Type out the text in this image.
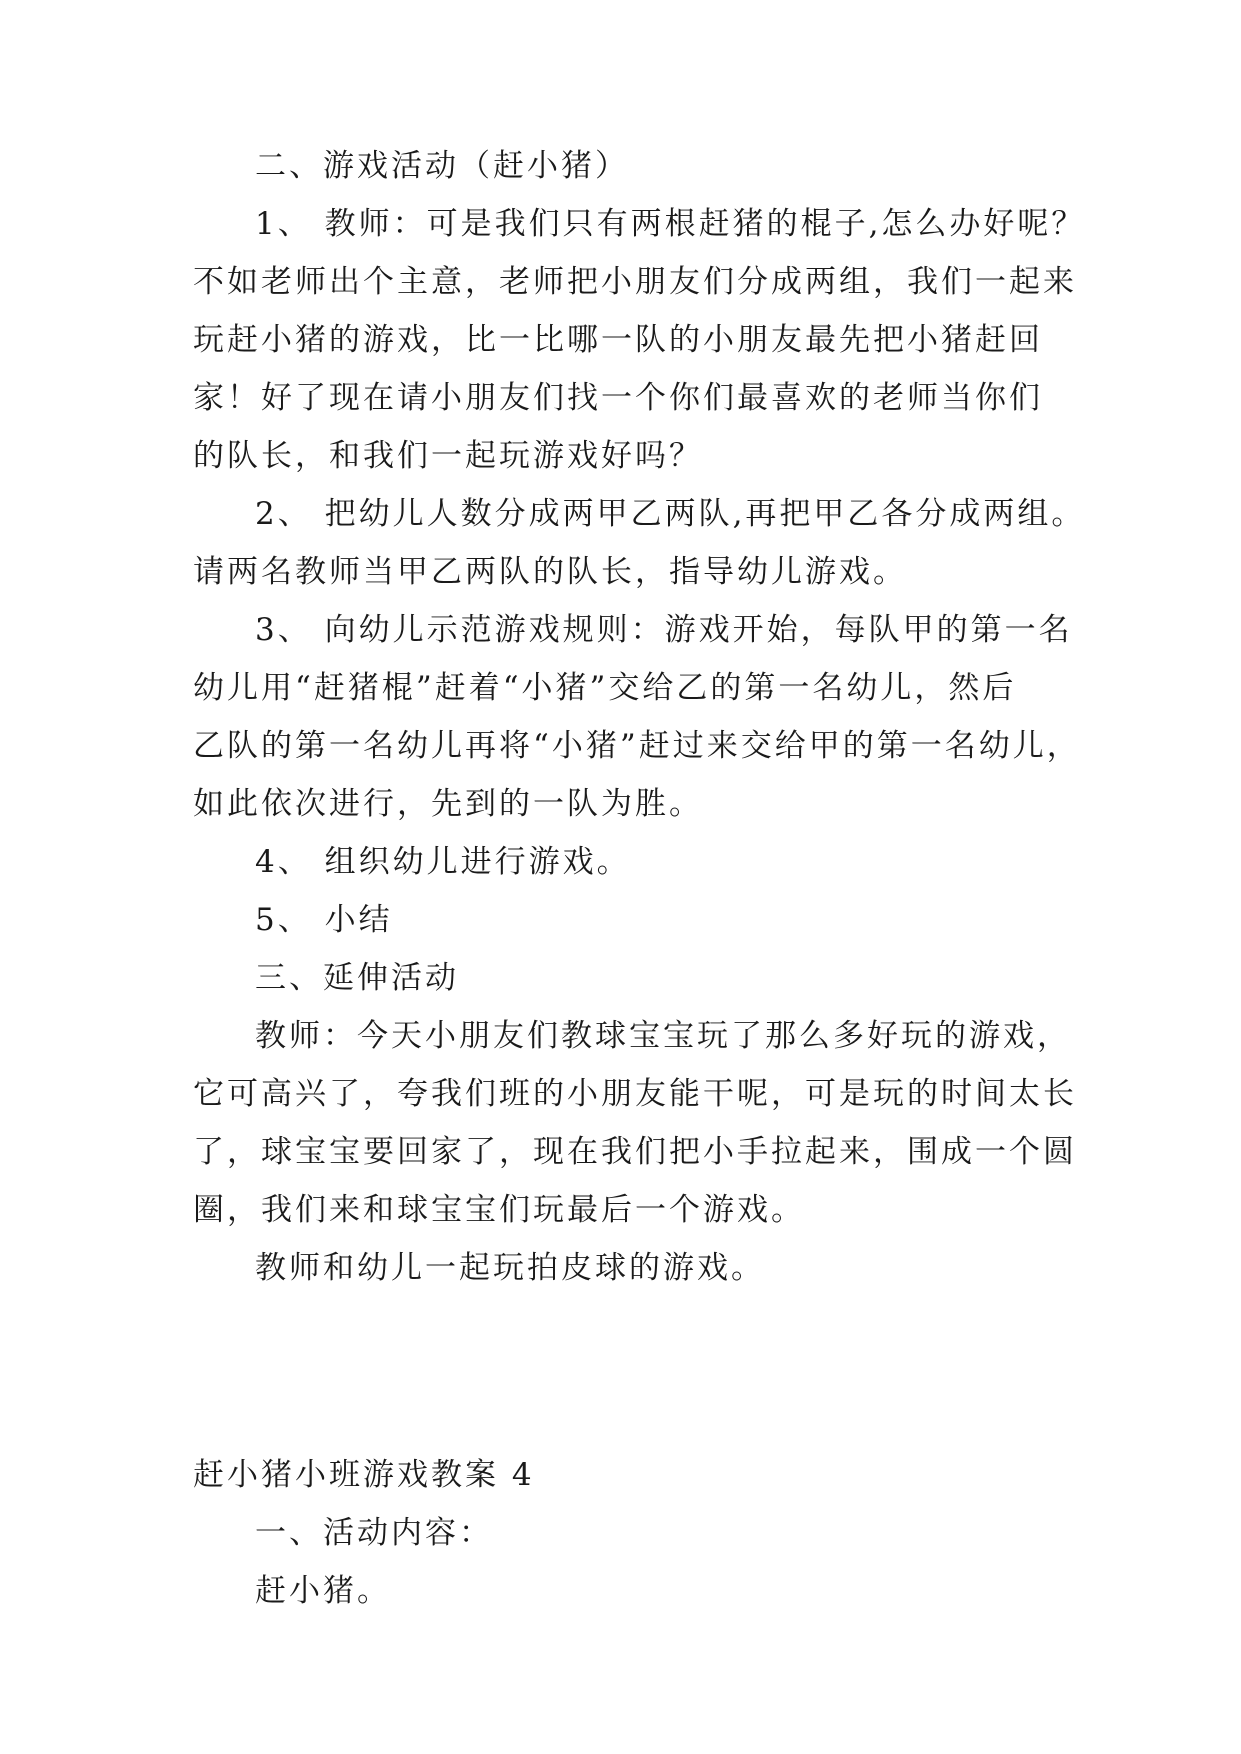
二、游戏活动（赶小猪）
1、 教师：可是我们只有两根赶猪的棍子,怎么办好呢？
不如老师出个主意，老师把小朋友们分成两组，我们一起来
玩赶小猪的游戏，比一比哪一队的小朋友最先把小猪赶回
家！好了现在请小朋友们找一个你们最喜欢的老师当你们
的队长，和我们一起玩游戏好吗？
2、 把幼儿人数分成两甲乙两队,再把甲乙各分成两组。
请两名教师当甲乙两队的队长，指导幼儿游戏。
3、 向幼儿示范游戏规则：游戏开始，每队甲的第一名
幼儿用“赶猪棍”赶着“小猪”交给乙的第一名幼儿，然后
乙队的第一名幼儿再将“小猪”赶过来交给甲的第一名幼儿，
如此依次进行，先到的一队为胜。
4、 组织幼儿进行游戏。
5、 小结
三、延伸活动
教师：今天小朋友们教球宝宝玩了那么多好玩的游戏，
它可高兴了，夸我们班的小朋友能干呢，可是玩的时间太长
了，球宝宝要回家了，现在我们把小手拉起来，围成一个圆
圈，我们来和球宝宝们玩最后一个游戏。
教师和幼儿一起玩拍皮球的游戏。
赶小猪小班游戏教案 4
一、活动内容：
赶小猪。
